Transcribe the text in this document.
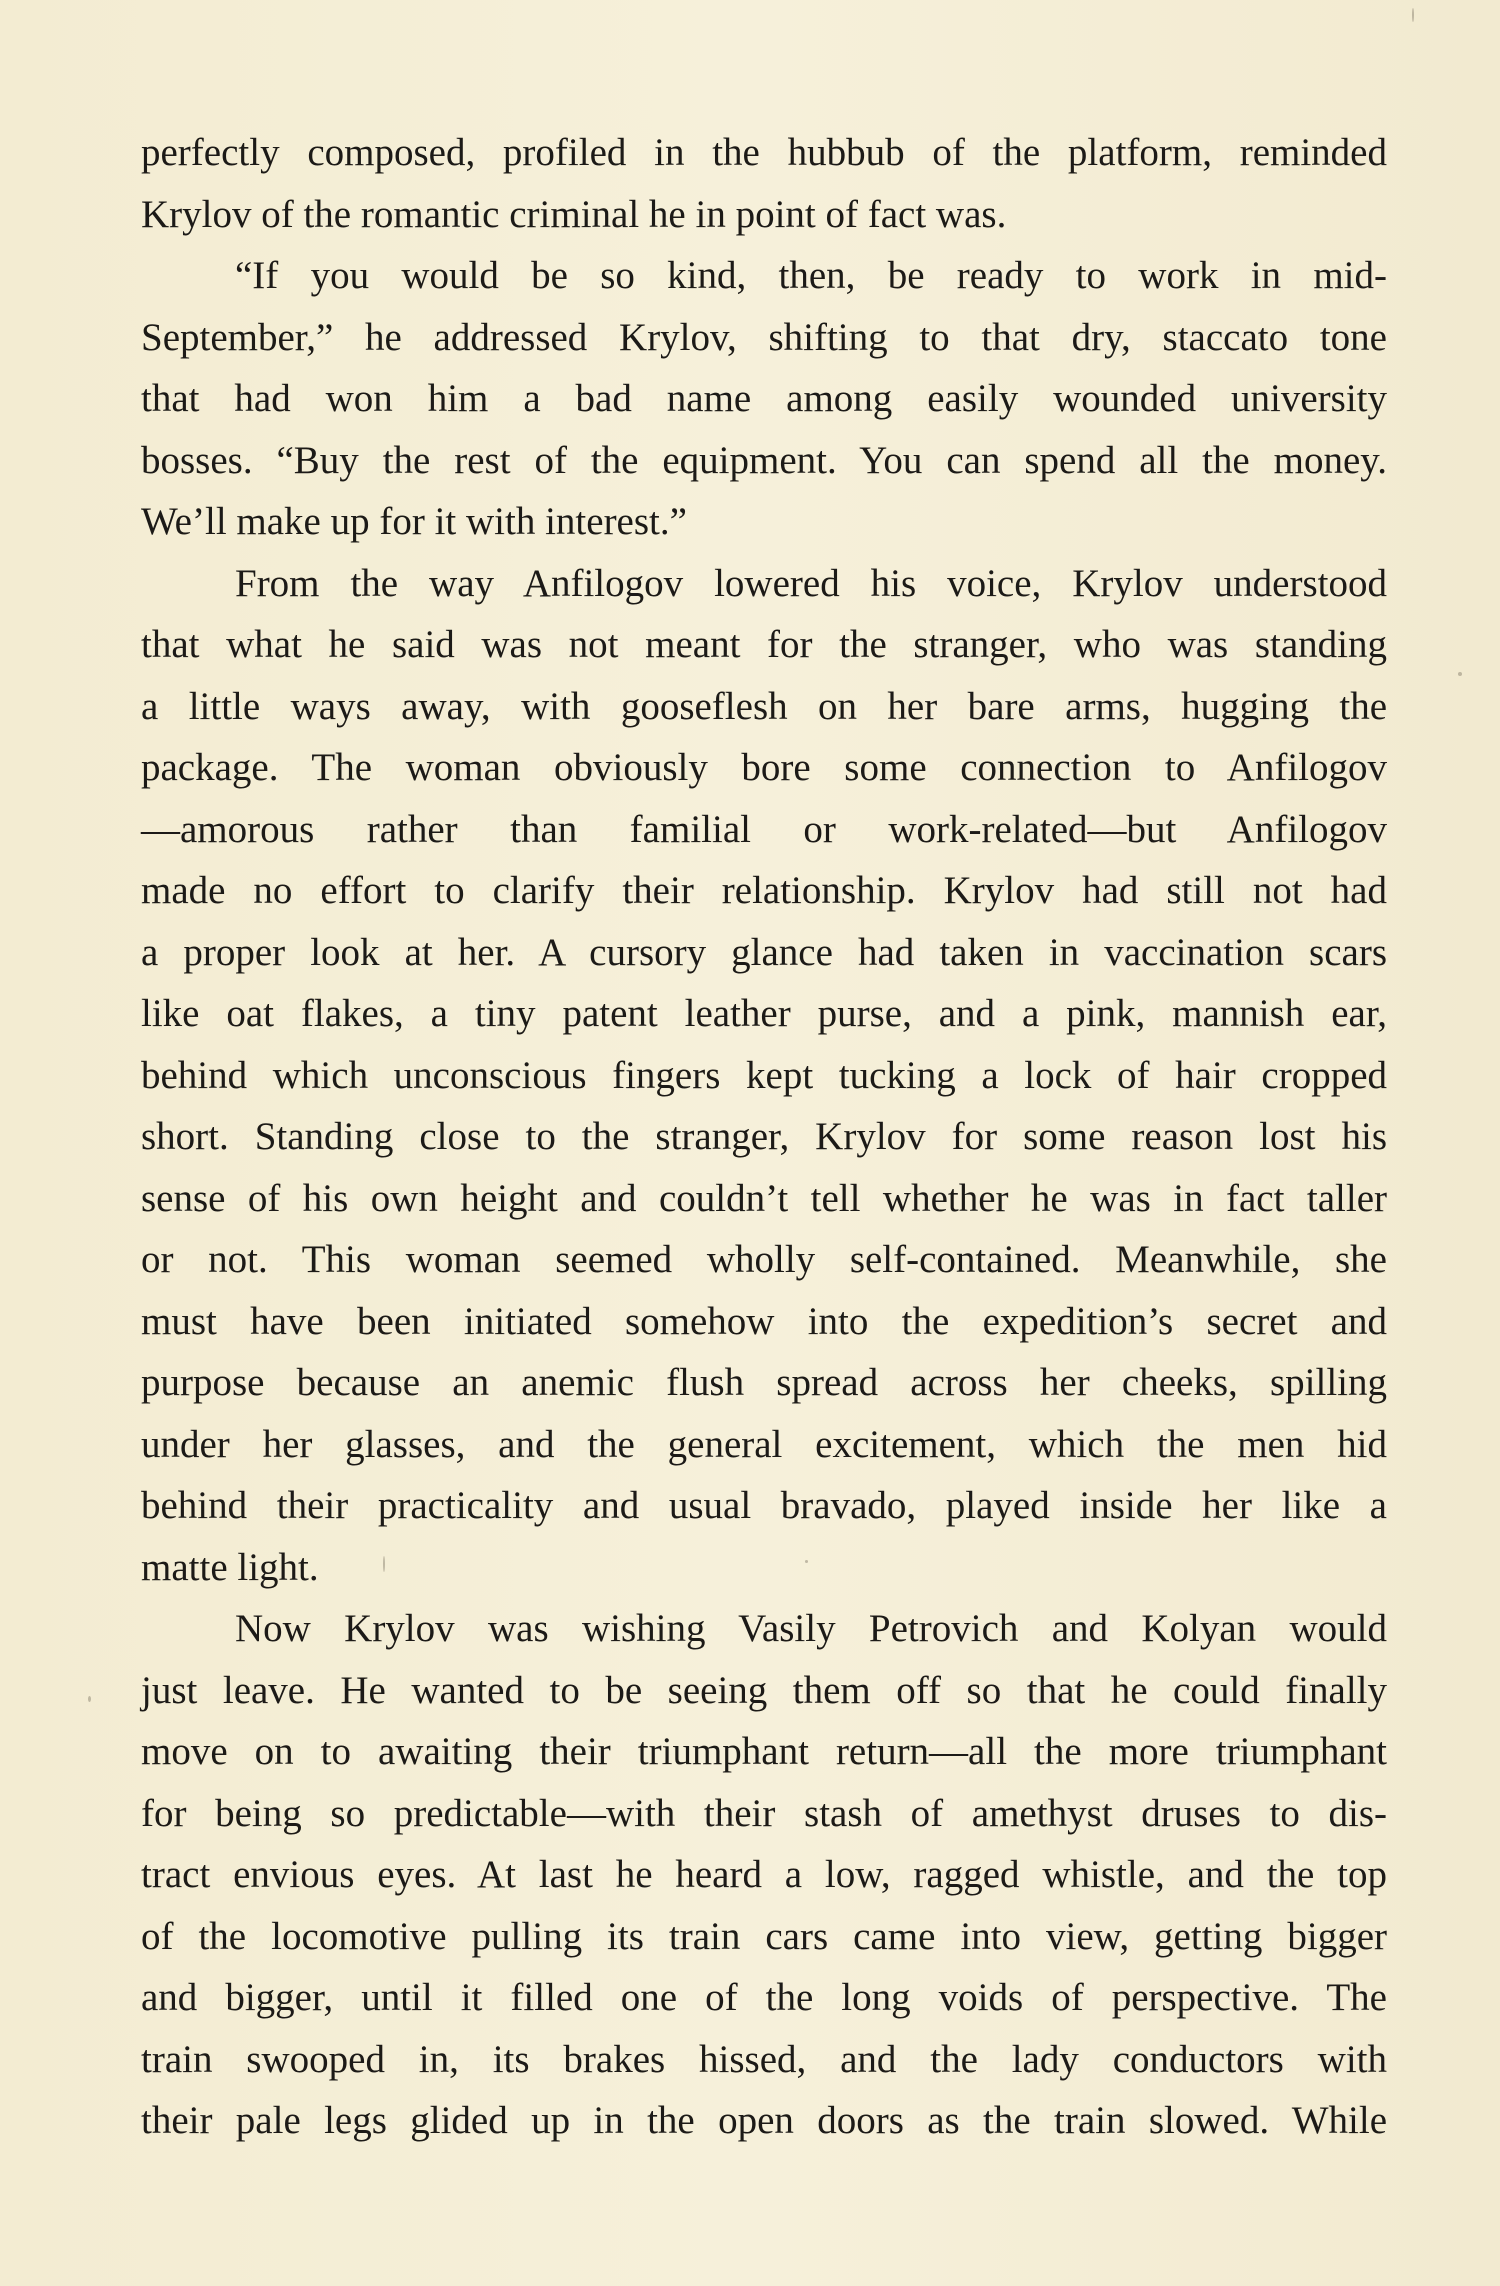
perfectly composed, profiled in the hubbub of the platform, reminded
Krylov of the romantic criminal he in point of fact was.
“If you would be so kind, then, be ready to work in mid-
September,” he addressed Krylov, shifting to that dry, staccato tone
that had won him a bad name among easily wounded university
bosses. “Buy the rest of the equipment. You can spend all the money.
We’ll make up for it with interest.”
From the way Anfilogov lowered his voice, Krylov understood
that what he said was not meant for the stranger, who was standing
a little ways away, with gooseflesh on her bare arms, hugging the
package. The woman obviously bore some connection to Anfilogov
—amorous rather than familial or work-related—but Anfilogov
made no effort to clarify their relationship. Krylov had still not had
a proper look at her. A cursory glance had taken in vaccination scars
like oat flakes, a tiny patent leather purse, and a pink, mannish ear,
behind which unconscious fingers kept tucking a lock of hair cropped
short. Standing close to the stranger, Krylov for some reason lost his
sense of his own height and couldn’t tell whether he was in fact taller
or not. This woman seemed wholly self-contained. Meanwhile, she
must have been initiated somehow into the expedition’s secret and
purpose because an anemic flush spread across her cheeks, spilling
under her glasses, and the general excitement, which the men hid
behind their practicality and usual bravado, played inside her like a
matte light.
Now Krylov was wishing Vasily Petrovich and Kolyan would
just leave. He wanted to be seeing them off so that he could finally
move on to awaiting their triumphant return—all the more triumphant
for being so predictable—with their stash of amethyst druses to dis-
tract envious eyes. At last he heard a low, ragged whistle, and the top
of the locomotive pulling its train cars came into view, getting bigger
and bigger, until it filled one of the long voids of perspective. The
train swooped in, its brakes hissed, and the lady conductors with
their pale legs glided up in the open doors as the train slowed. While
